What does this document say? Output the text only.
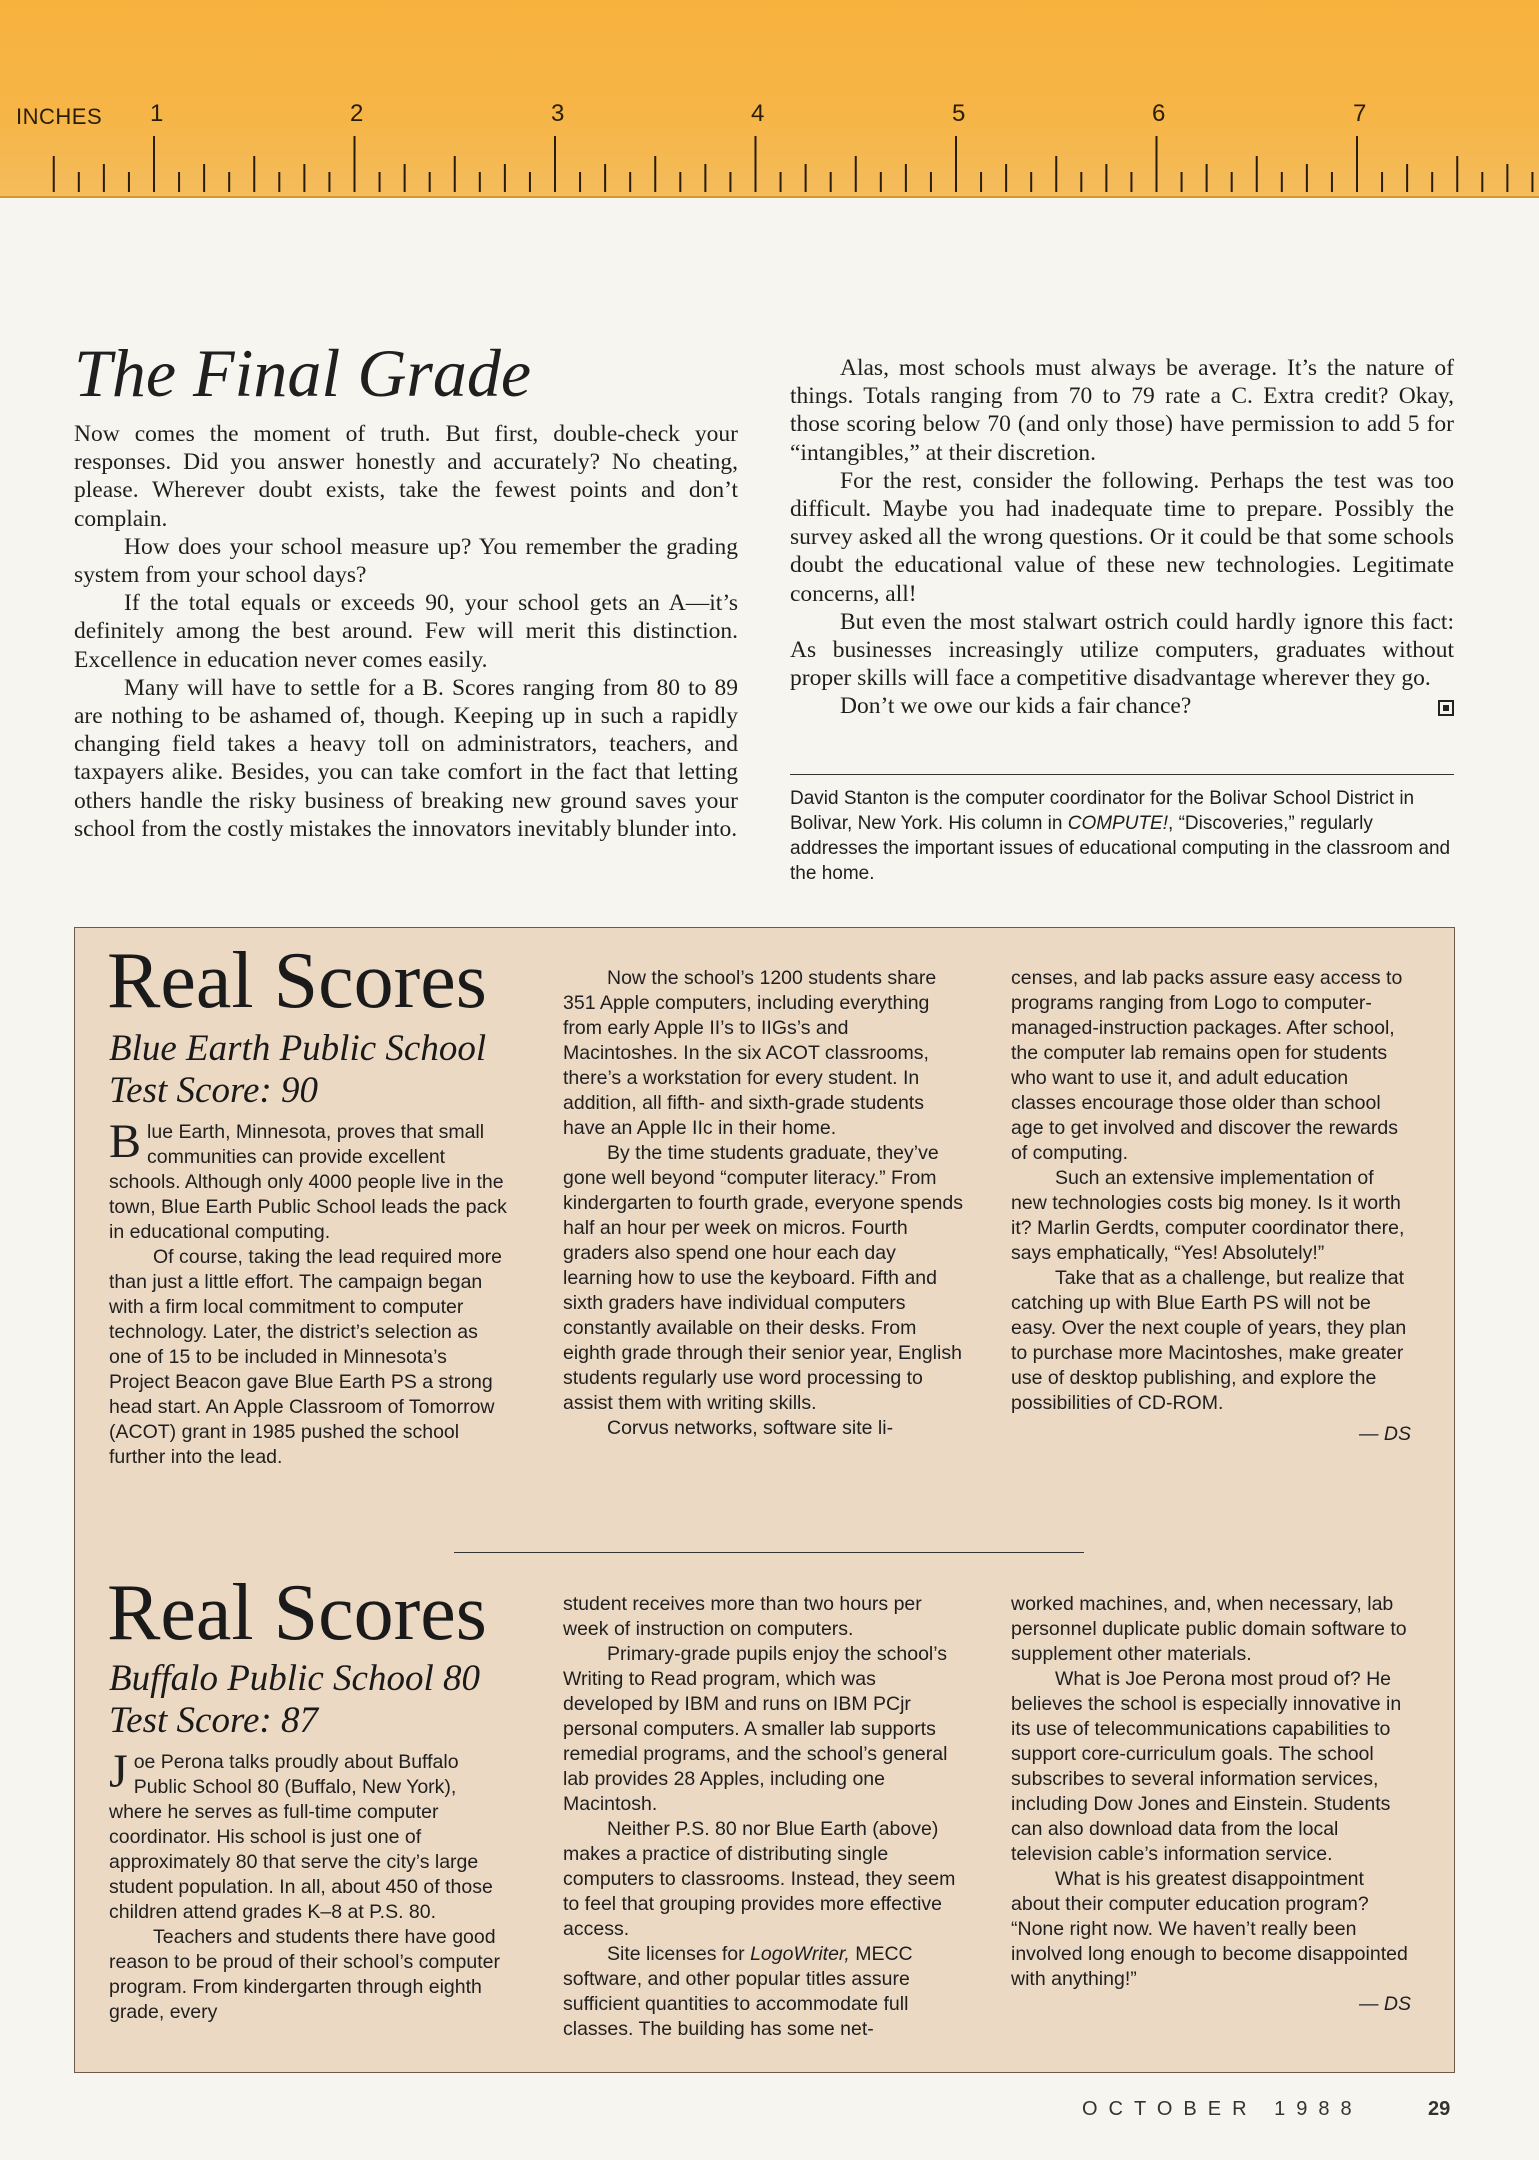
INCHES 1	2	3	4	5	6	7
The Final Grade

Now comes the moment of truth. But first, double-check your responses. Did you answer honestly and accurately? No cheating, please. Wherever doubt exists, take the fewest points and don’t complain.

How does your school measure up? You remember the grading system from your school days?

If the total equals or exceeds 90, your school gets an A—it’s definitely among the best around. Few will merit this distinction. Excellence in education never comes easily.

Many will have to settle for a B. Scores ranging from 80 to 89 are nothing to be ashamed of, though. Keeping up in such a rapidly changing field takes a heavy toll on administrators, teachers, and taxpayers alike. Besides, you can take comfort in the fact that letting others handle the risky business of breaking new ground saves your school from the costly mistakes the innovators inevitably blunder into.

Alas, most schools must always be average. It’s the nature of things. Totals ranging from 70 to 79 rate a C. Extra credit? Okay, those scoring below 70 (and only those) have permission to add 5 for “intangibles,” at their discretion.

For the rest, consider the following. Perhaps the test was too difficult. Maybe you had inadequate time to prepare. Possibly the survey asked all the wrong questions. Or it could be that some schools doubt the educational value of these new technologies. Legitimate concerns, all!

But even the most stalwart ostrich could hardly ignore this fact: As businesses increasingly utilize computers, graduates without proper skills will face a competitive disadvantage wherever they go.

Don’t we owe our kids a fair chance?

David Stanton is the computer coordinator for the Bolivar School District in Bolivar, New York. His column in COMPUTE!, “Discoveries,” regularly addresses the important issues of educational computing in the classroom and the home.

Real Scores

Blue Earth Public School

Test Score: 90

Blue Earth, Minnesota, proves that small communities can provide excellent schools. Although only 4000 people live in the town, Blue Earth Public School leads the pack in educational computing.

Of course, taking the lead required more than just a little effort. The campaign began with a firm local commitment to computer technology. Later, the district’s selection as one of 15 to be included in Minnesota’s Project Beacon gave Blue Earth PS a strong head start. An Apple Classroom of Tomorrow (ACOT) grant in 1985 pushed the school further into the lead.

Now the school’s 1200 students share 351 Apple computers, including everything from early Apple II’s to IIGs’s and Macintoshes. In the six ACOT classrooms, there’s a workstation for every student. In addition, all fifth- and sixth-grade students have an Apple IIc in their home.

By the time students graduate, they’ve gone well beyond “computer literacy.” From kindergarten to fourth grade, everyone spends half an hour per week on micros. Fourth graders also spend one hour each day learning how to use the keyboard. Fifth and sixth graders have individual computers constantly available on their desks. From eighth grade through their senior year, English students regularly use word processing to assist them with writing skills.

Corvus networks, software site li-

censes, and lab packs assure easy access to programs ranging from Logo to computer-managed-instruction packages. After school, the computer lab remains open for students who want to use it, and adult education classes encourage those older than school age to get involved and discover the rewards of computing.

Such an extensive implementation of new technologies costs big money. Is it worth it? Marlin Gerdts, computer coordinator there, says emphatically, “Yes! Absolutely!”

Take that as a challenge, but realize that catching up with Blue Earth PS will not be easy. Over the next couple of years, they plan to purchase more Macintoshes, make greater use of desktop publishing, and explore the possibilities of CD-ROM.

— DS

Real Scores

Buffalo Public School 80

Test Score: 87

Joe Perona talks proudly about Buffalo Public School 80 (Buffalo, New York), where he serves as full-time computer coordinator. His school is just one of approximately 80 that serve the city’s large student population. In all, about 450 of those children attend grades K–8 at P.S. 80.

Teachers and students there have good reason to be proud of their school’s computer program. From kindergarten through eighth grade, every

student receives more than two hours per week of instruction on computers.

Primary-grade pupils enjoy the school’s Writing to Read program, which was developed by IBM and runs on IBM PCjr personal computers. A smaller lab supports remedial programs, and the school’s general lab provides 28 Apples, including one Macintosh.

Neither P.S. 80 nor Blue Earth (above) makes a practice of distributing single computers to classrooms. Instead, they seem to feel that grouping provides more effective access.

Site licenses for LogoWriter, MECC software, and other popular titles assure sufficient quantities to accommodate full classes. The building has some net-

worked machines, and, when necessary, lab personnel duplicate public domain software to supplement other materials.

What is Joe Perona most proud of? He believes the school is especially innovative in its use of telecommunications capabilities to support core-curriculum goals. The school subscribes to several information services, including Dow Jones and Einstein. Students can also download data from the local television cable’s information service.

What is his greatest disappointment about their computer education program? “None right now. We haven’t really been involved long enough to become disappointed with anything!”

— DS

OCTOBER 1988	29
